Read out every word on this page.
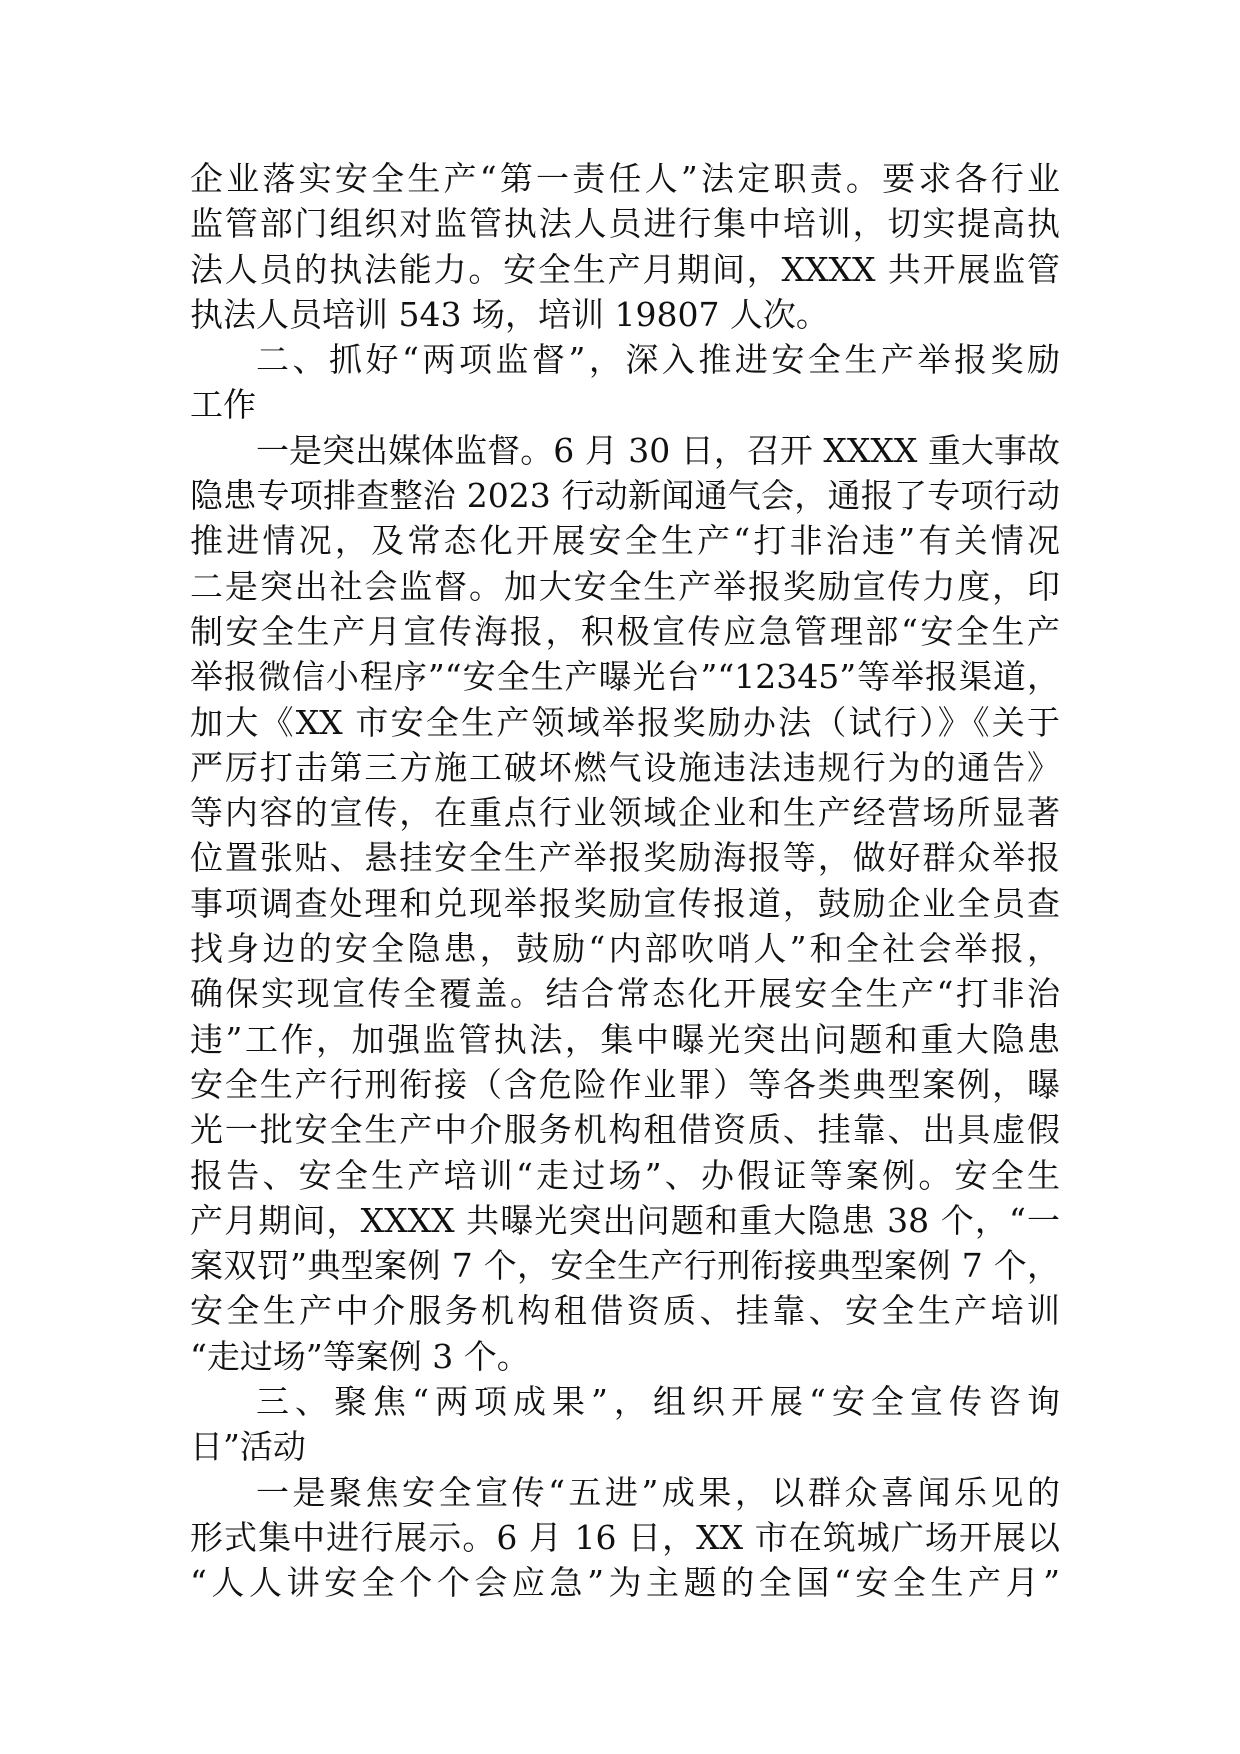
企业落实安全生产“第一责任人”法定职责。要求各行业
监管部门组织对监管执法人员进行集中培训，切实提高执
法人员的执法能力。安全生产月期间，XXXX 共开展监管
执法人员培训 543 场，培训 19807 人次。
二、抓好“两项监督”，深入推进安全生产举报奖励
工作
一是突出媒体监督。6 月 30 日，召开 XXXX 重大事故
隐患专项排查整治 2023 行动新闻通气会，通报了专项行动
推进情况，及常态化开展安全生产“打非治违”有关情况
二是突出社会监督。加大安全生产举报奖励宣传力度，印
制安全生产月宣传海报，积极宣传应急管理部“安全生产
举报微信小程序”“安全生产曝光台”“12345”等举报渠道，
加大《XX 市安全生产领域举报奖励办法（试行）》《关于
严厉打击第三方施工破坏燃气设施违法违规行为的通告》
等内容的宣传，在重点行业领域企业和生产经营场所显著
位置张贴、悬挂安全生产举报奖励海报等，做好群众举报
事项调查处理和兑现举报奖励宣传报道，鼓励企业全员查
找身边的安全隐患，鼓励“内部吹哨人”和全社会举报，
确保实现宣传全覆盖。结合常态化开展安全生产“打非治
违”工作，加强监管执法，集中曝光突出问题和重大隐患
安全生产行刑衔接（含危险作业罪）等各类典型案例，曝
光一批安全生产中介服务机构租借资质、挂靠、出具虚假
报告、安全生产培训“走过场”、办假证等案例。安全生
产月期间，XXXX 共曝光突出问题和重大隐患 38 个，“一
案双罚”典型案例 7 个，安全生产行刑衔接典型案例 7 个，
安全生产中介服务机构租借资质、挂靠、安全生产培训
“走过场”等案例 3 个。
三、聚焦“两项成果”，组织开展“安全宣传咨询
日”活动
一是聚焦安全宣传“五进”成果，以群众喜闻乐见的
形式集中进行展示。6 月 16 日，XX 市在筑城广场开展以
“人人讲安全个个会应急”为主题的全国“安全生产月”
